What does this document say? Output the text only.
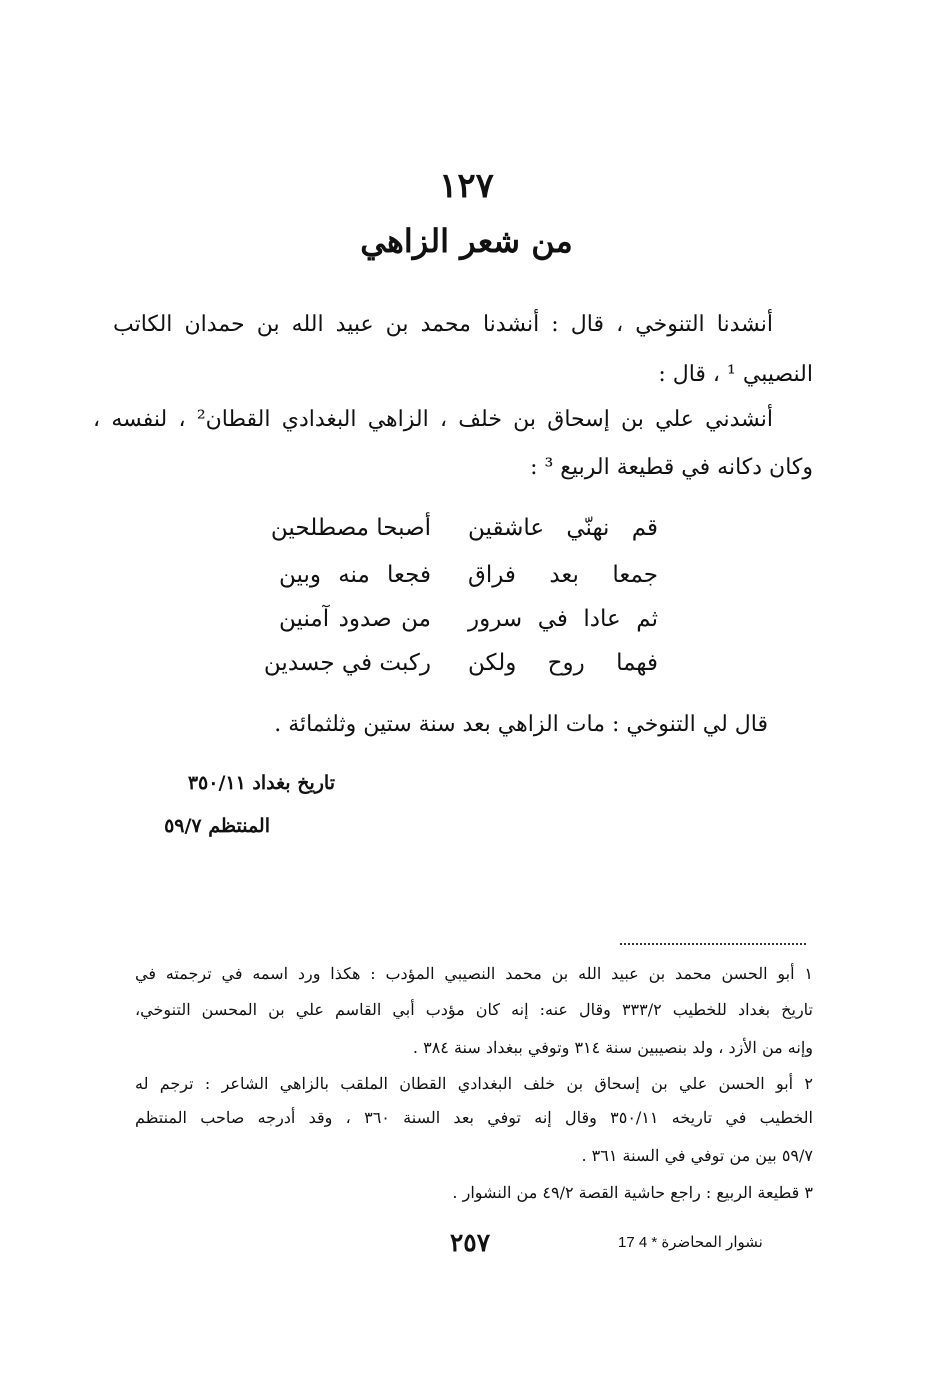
١٢٧
من شعر الزاهي
أنشدنا التنوخي ، قال : أنشدنا محمد بن عبيد الله بن حمدان الكاتب
النصيبي ¹ ، قال :
أنشدني علي بن إسحاق بن خلف ، الزاهي البغدادي القطان² ، لنفسه ،
وكان دكانه في قطيعة الربيع ³ :
قم نهنّي عاشقين
أصبحا مصطلحين
جمعا بعد فراق
فجعا منه وبين
ثم عادا في سرور
من صدود آمنين
فهما روح ولكن
ركبت في جسدين
قال لي التنوخي : مات الزاهي بعد سنة ستين وثلثمائة .
تاريخ بغداد ٣٥٠/١١
المنتظم ٥٩/٧
١ أبو الحسن محمد بن عبيد الله بن محمد النصيبي المؤدب : هكذا ورد اسمه في ترجمته في
تاريخ بغداد للخطيب ٣٣٣/٢ وقال عنه: إنه كان مؤدب أبي القاسم علي بن المحسن التنوخي،
وإنه من الأزد ، ولد بنصيبين سنة ٣١٤ وتوفي ببغداد سنة ٣٨٤ .
٢ أبو الحسن علي بن إسحاق بن خلف البغدادي القطان الملقب بالزاهي الشاعر : ترجم له
الخطيب في تاريخه ٣٥٠/١١ وقال إنه توفي بعد السنة ٣٦٠ ، وقد أدرجه صاحب المنتظم
٥٩/٧ بين من توفي في السنة ٣٦١ .
٣ قطيعة الربيع : راجع حاشية القصة ٤٩/٢ من النشوار .
٢٥٧	17 نشوار المحاضرة * 4
